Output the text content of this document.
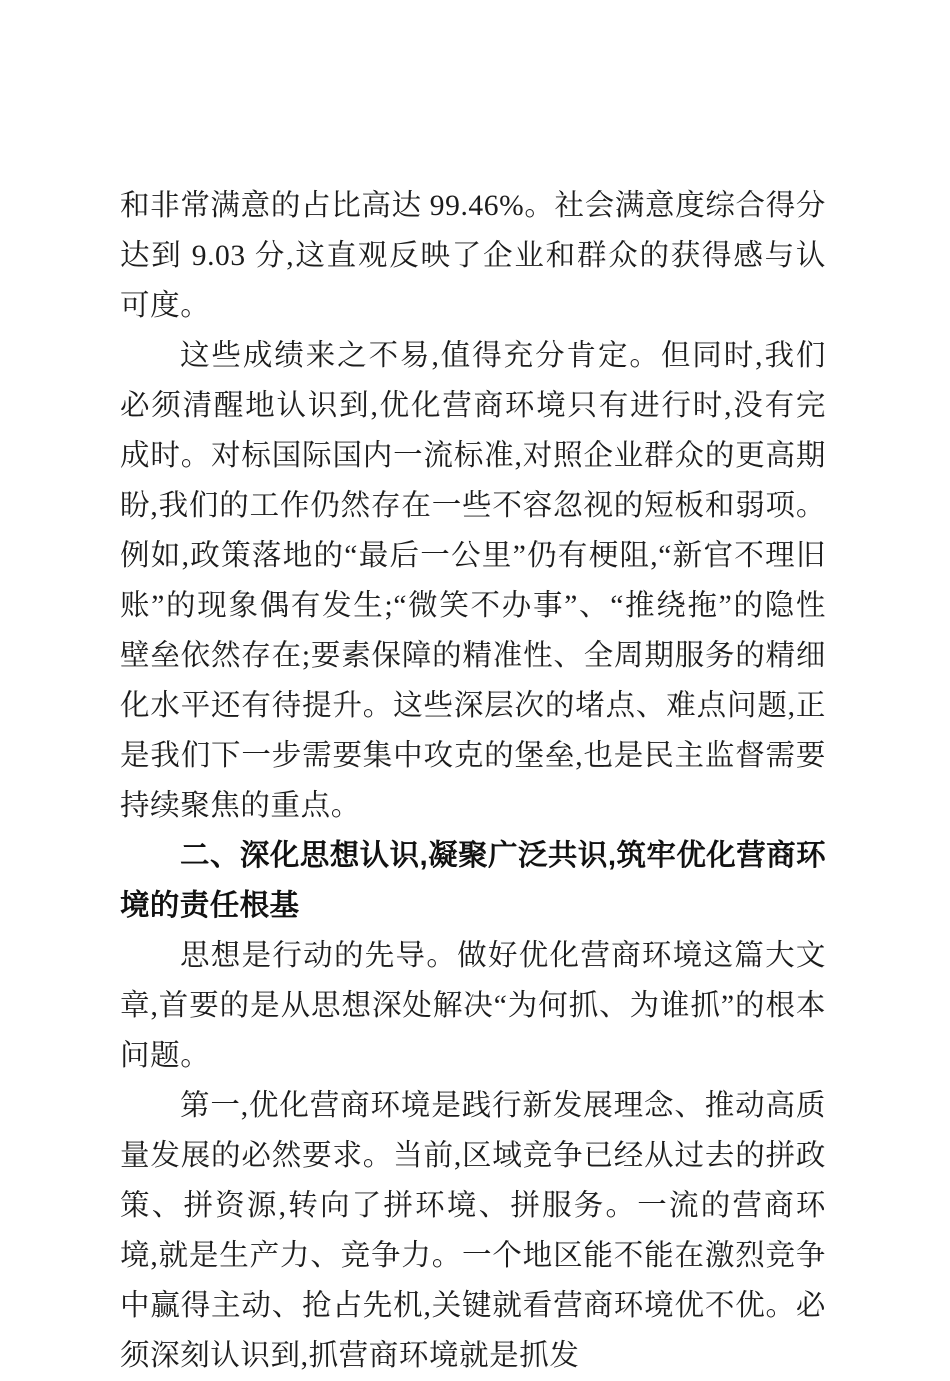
和非常满意的占比高达 99.46%。社会满意度综合得分达到 9.03 分,这直观反映了企业和群众的获得感与认可度。

这些成绩来之不易,值得充分肯定。但同时,我们必须清醒地认识到,优化营商环境只有进行时,没有完成时。对标国际国内一流标准,对照企业群众的更高期盼,我们的工作仍然存在一些不容忽视的短板和弱项。例如,政策落地的“最后一公里”仍有梗阻,“新官不理旧账”的现象偶有发生;“微笑不办事”、“推绕拖”的隐性壁垒依然存在;要素保障的精准性、全周期服务的精细化水平还有待提升。这些深层次的堵点、难点问题,正是我们下一步需要集中攻克的堡垒,也是民主监督需要持续聚焦的重点。

二、深化思想认识,凝聚广泛共识,筑牢优化营商环境的责任根基

思想是行动的先导。做好优化营商环境这篇大文章,首要的是从思想深处解决“为何抓、为谁抓”的根本问题。

第一,优化营商环境是践行新发展理念、推动高质量发展的必然要求。当前,区域竞争已经从过去的拼政策、拼资源,转向了拼环境、拼服务。一流的营商环境,就是生产力、竞争力。一个地区能不能在激烈竞争中赢得主动、抢占先机,关键就看营商环境优不优。必须深刻认识到,抓营商环境就是抓发
